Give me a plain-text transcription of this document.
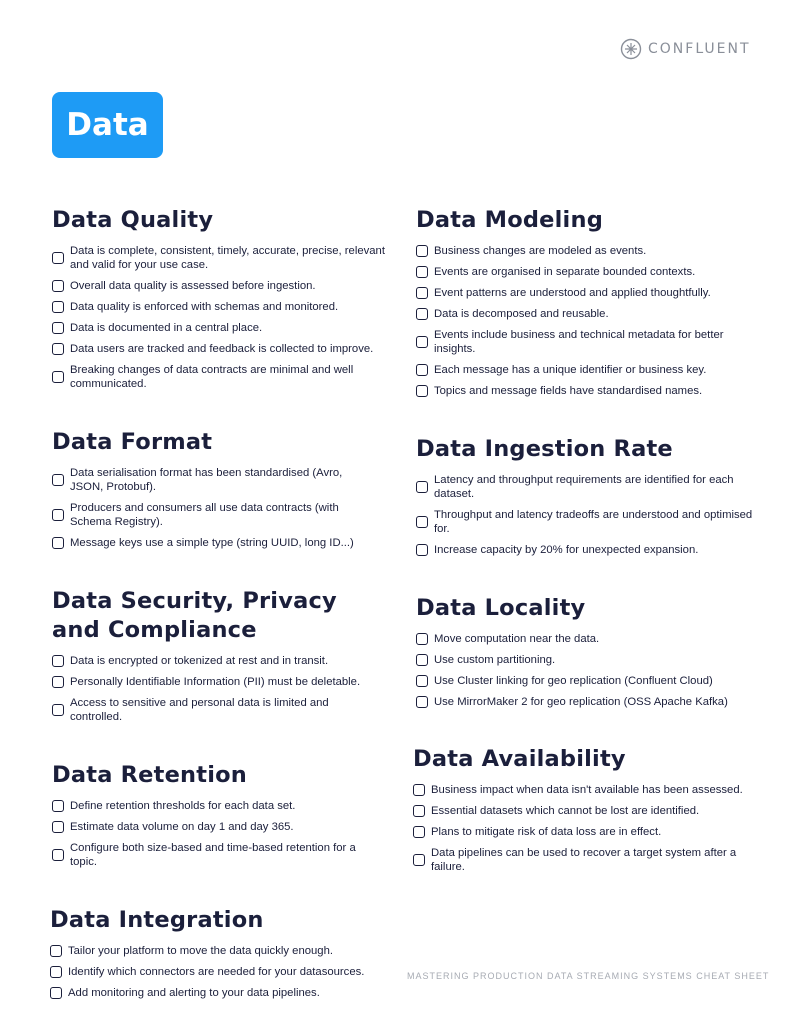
CONFLUENT
Data
Data Quality
Data is complete, consistent, timely, accurate, precise, relevant and valid for your use case.
Overall data quality is assessed before ingestion.
Data quality is enforced with schemas and monitored.
Data is documented in a central place.
Data users are tracked and feedback is collected to improve.
Breaking changes of data contracts are minimal and well communicated.
Data Modeling
Business changes are modeled as events.
Events are organised in separate bounded contexts.
Event patterns are understood and applied thoughtfully.
Data is decomposed and reusable.
Events include business and technical metadata for better insights.
Each message has a unique identifier or business key.
Topics and message fields have standardised names.
Data Format
Data serialisation format has been standardised (Avro, JSON, Protobuf).
Producers and consumers all use data contracts (with Schema Registry).
Message keys use a simple type (string UUID, long ID...)
Data Ingestion Rate
Latency and throughput requirements are identified for each dataset.
Throughput and latency tradeoffs are understood and optimised for.
Increase capacity by 20% for unexpected expansion.
Data Security, Privacy and Compliance
Data is encrypted or tokenized at rest and in transit.
Personally Identifiable Information (PII) must be deletable.
Access to sensitive and personal data is limited and controlled.
Data Locality
Move computation near the data.
Use custom partitioning.
Use Cluster linking for geo replication (Confluent Cloud)
Use MirrorMaker 2 for geo replication (OSS Apache Kafka)
Data Retention
Define retention thresholds for each data set.
Estimate data volume on day 1 and day 365.
Configure both size-based and time-based retention for a topic.
Data Availability
Business impact when data isn't available has been assessed.
Essential datasets which cannot be lost are identified.
Plans to mitigate risk of data loss are in effect.
Data pipelines can be used to recover a target system after a failure.
Data Integration
Tailor your platform to move the data quickly enough.
Identify which connectors are needed for your datasources.
Add monitoring and alerting to your data pipelines.
MASTERING PRODUCTION DATA STREAMING SYSTEMS CHEAT SHEET
